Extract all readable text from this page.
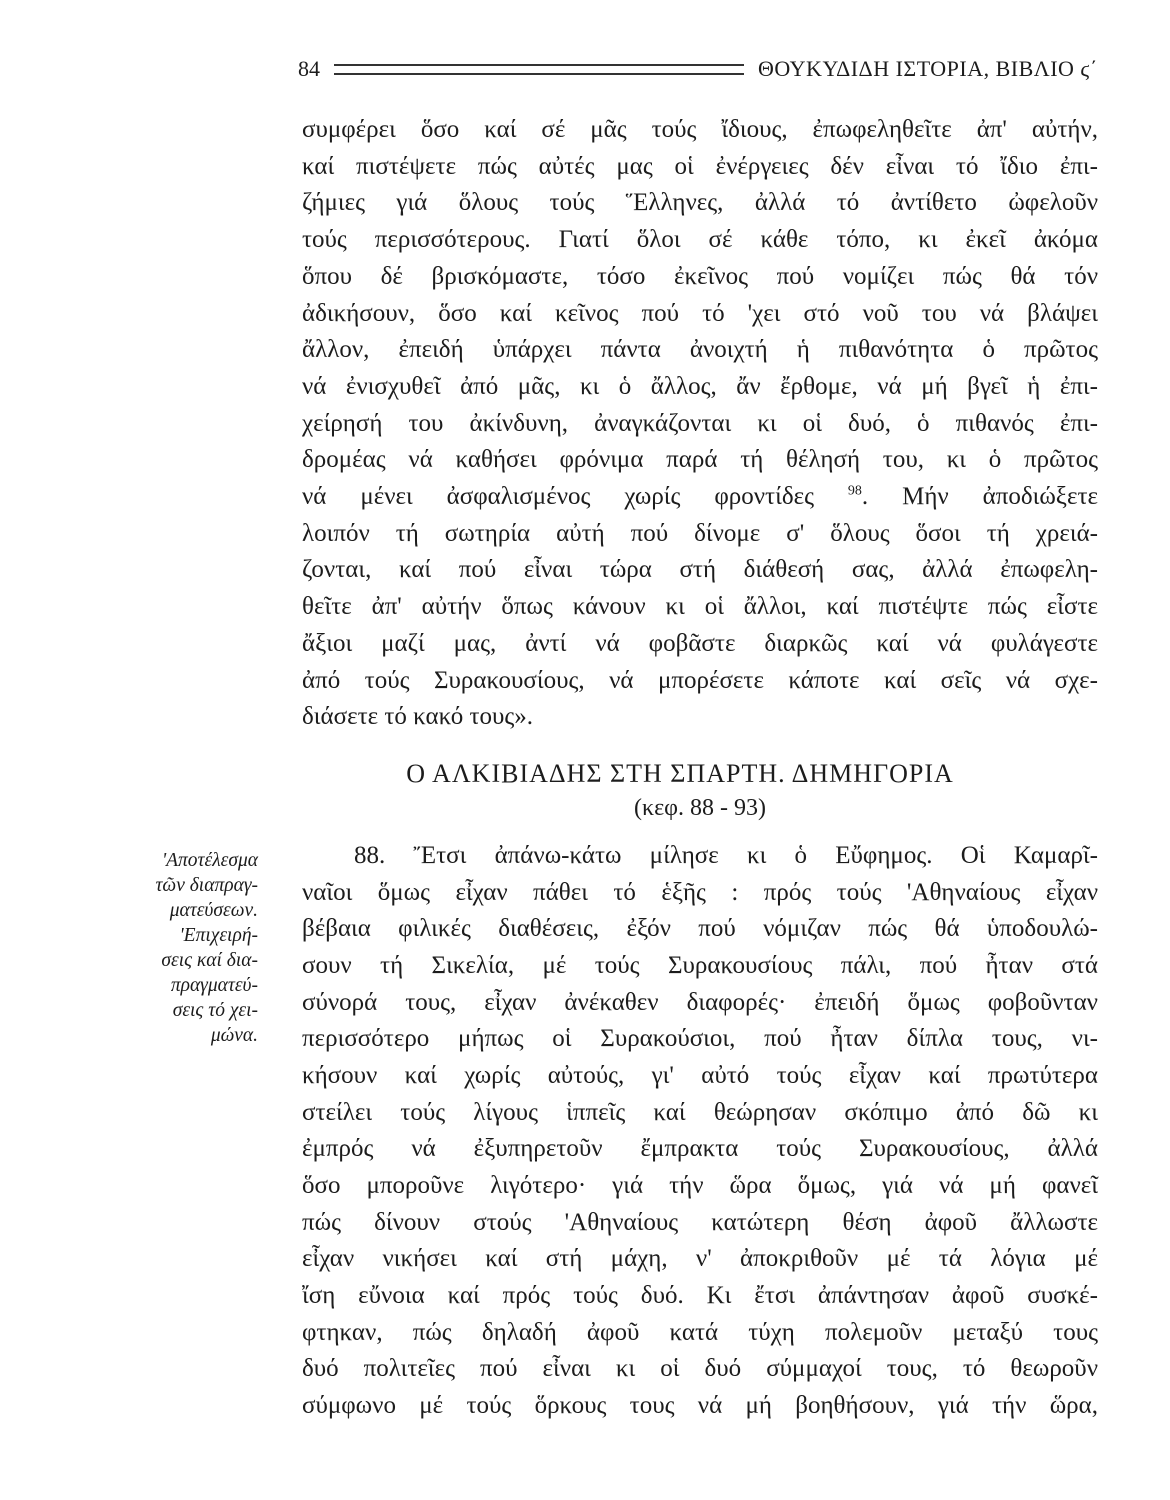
84	ΘΟΥΚΥΔΙΔΗ ΙΣΤΟΡΙΑ, ΒΙΒΛΙΟ ϛ΄
συμφέρει ὅσο καί σέ μᾶς τούς ἴδιους, ἐπωφεληθεῖτε ἀπ' αὐτήν,
καί πιστέψετε πώς αὐτές μας οἱ ἐνέργειες δέν εἶναι τό ἴδιο ἐπι-
ζήμιες γιά ὅλους τούς Ἕλληνες, ἀλλά τό ἀντίθετο ὠφελοῦν
τούς περισσότερους. Γιατί ὅλοι σέ κάθε τόπο, κι ἐκεῖ ἀκόμα
ὅπου δέ βρισκόμαστε, τόσο ἐκεῖνος πού νομίζει πώς θά τόν
ἀδικήσουν, ὅσο καί κεῖνος πού τό 'χει στό νοῦ του νά βλάψει
ἄλλον, ἐπειδή ὑπάρχει πάντα ἀνοιχτή ἡ πιθανότητα ὁ πρῶτος
νά ἐνισχυθεῖ ἀπό μᾶς, κι ὁ ἄλλος, ἄν ἔρθομε, νά μή βγεῖ ἡ ἐπι-
χείρησή του ἀκίνδυνη, ἀναγκάζονται κι οἱ δυό, ὁ πιθανός ἐπι-
δρομέας νά καθήσει φρόνιμα παρά τή θέλησή του, κι ὁ πρῶτος
νά μένει ἀσφαλισμένος χωρίς φροντίδες $^{98}$. Μήν ἀποδιώξετε
λοιπόν τή σωτηρία αὐτή πού δίνομε σ' ὅλους ὅσοι τή χρειά-
ζονται, καί πού εἶναι τώρα στή διάθεσή σας, ἀλλά ἐπωφελη-
θεῖτε ἀπ' αὐτήν ὅπως κάνουν κι οἱ ἄλλοι, καί πιστέψτε πώς εἶστε
ἄξιοι μαζί μας, ἀντί νά φοβᾶστε διαρκῶς καί νά φυλάγεστε
ἀπό τούς Συρακουσίους, νά μπορέσετε κάποτε καί σεῖς νά σχε-
διάσετε τό κακό τους».
Ο ΑΛΚΙΒΙΑΔΗΣ ΣΤΗ ΣΠΑΡΤΗ. ΔΗΜΗΓΟΡΙΑ
(κεφ. 88 - 93)
'Αποτέλεσμα
τῶν διαπραγ-
ματεύσεων.
'Επιχειρή-
σεις καί δια-
πραγματεύ-
σεις τό χει-
μώνα.
88. Ἔτσι ἀπάνω-κάτω μίλησε κι ὁ Εὔφημος. Οἱ Καμαρῖ-
ναῖοι ὅμως εἶχαν πάθει τό ἑξῆς : πρός τούς 'Αθηναίους εἶχαν
βέβαια φιλικές διαθέσεις, ἐξόν πού νόμιζαν πώς θά ὑποδουλώ-
σουν τή Σικελία, μέ τούς Συρακουσίους πάλι, πού ἦταν στά
σύνορά τους, εἶχαν ἀνέκαθεν διαφορές· ἐπειδή ὅμως φοβοῦνταν
περισσότερο μήπως οἱ Συρακούσιοι, πού ἦταν δίπλα τους, νι-
κήσουν καί χωρίς αὐτούς, γι' αὐτό τούς εἶχαν καί πρωτύτερα
στείλει τούς λίγους ἱππεῖς καί θεώρησαν σκόπιμο ἀπό δῶ κι
ἐμπρός νά ἐξυπηρετοῦν ἔμπρακτα τούς Συρακουσίους, ἀλλά
ὅσο μποροῦνε λιγότερο· γιά τήν ὥρα ὅμως, γιά νά μή φανεῖ
πώς δίνουν στούς 'Αθηναίους κατώτερη θέση ἀφοῦ ἄλλωστε
εἶχαν νικήσει καί στή μάχη, ν' ἀποκριθοῦν μέ τά λόγια μέ
ἴση εὔνοια καί πρός τούς δυό. Κι ἔτσι ἀπάντησαν ἀφοῦ συσκέ-
φτηκαν, πώς δηλαδή ἀφοῦ κατά τύχη πολεμοῦν μεταξύ τους
δυό πολιτεῖες πού εἶναι κι οἱ δυό σύμμαχοί τους, τό θεωροῦν
σύμφωνο μέ τούς ὅρκους τους νά μή βοηθήσουν, γιά τήν ὥρα,
